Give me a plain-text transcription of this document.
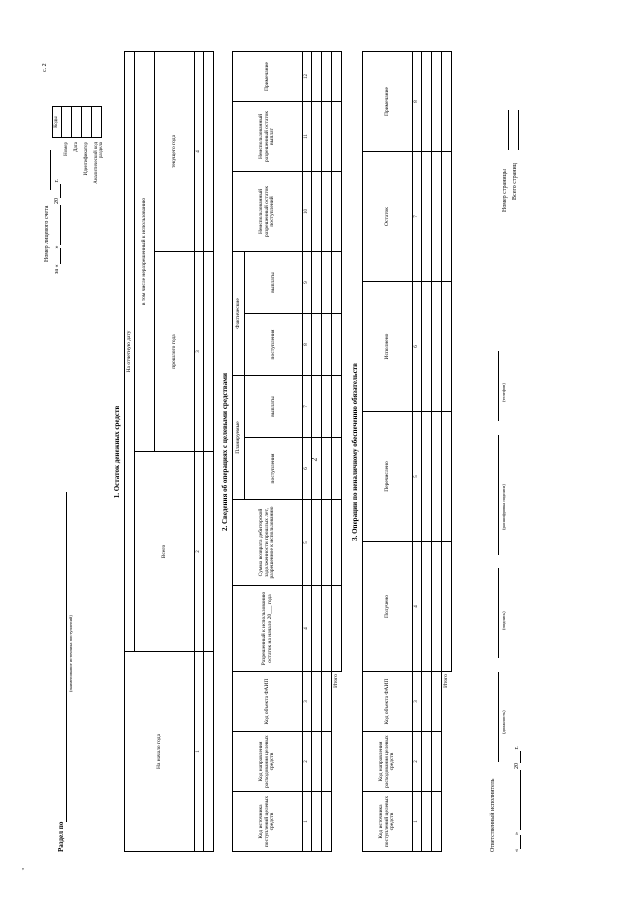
2
,
Раздел по
(наименование источника поступлений)
Номер лицевого счета
за « »  20  г.
с. 2
Номер	Дата	Идентификатор	Аналитический код раздела
Коды

1. Остаток денежных средств
На начало года	На отчетную дату		
	Всего	в том числе неразрешенный к использованию	
		прошлого года	текущего года
1	2	3	4

2. Сведения об операциях с целевыми средствами
Код источника поступлений целевых средств	Код направления расходования целевых средств	Код объекта ФАИП	Разрешенный к использованию остаток на начало 20___ года	Сумма возврата дебиторской задолженности прошлых лет, разрешенное к использованию	Планируемые		Фактические		Неиспользованный разрешенный остаток поступлений	Неиспользованный разрешенный остаток выплат	Примечание
					поступления	выплаты	поступления	выплаты			
1	2	3	4	5	6	7	8	9	10	11	12

		Итого									
3. Операции по неналичному обеспечению обязательств
Код источника поступлений целевых средств	Код направления расходования целевых средств	Код объекта ФАИП	Получено	Перечислено	Исполнено	Остаток	Примечание
1	2	3	4	5	6	7	8

		Итого					
Ответственный исполнитель

(должность)
(подпись)
(расшифровка подписи)
(телефон)
« »   20  г.
Номер страницы Всего страниц
